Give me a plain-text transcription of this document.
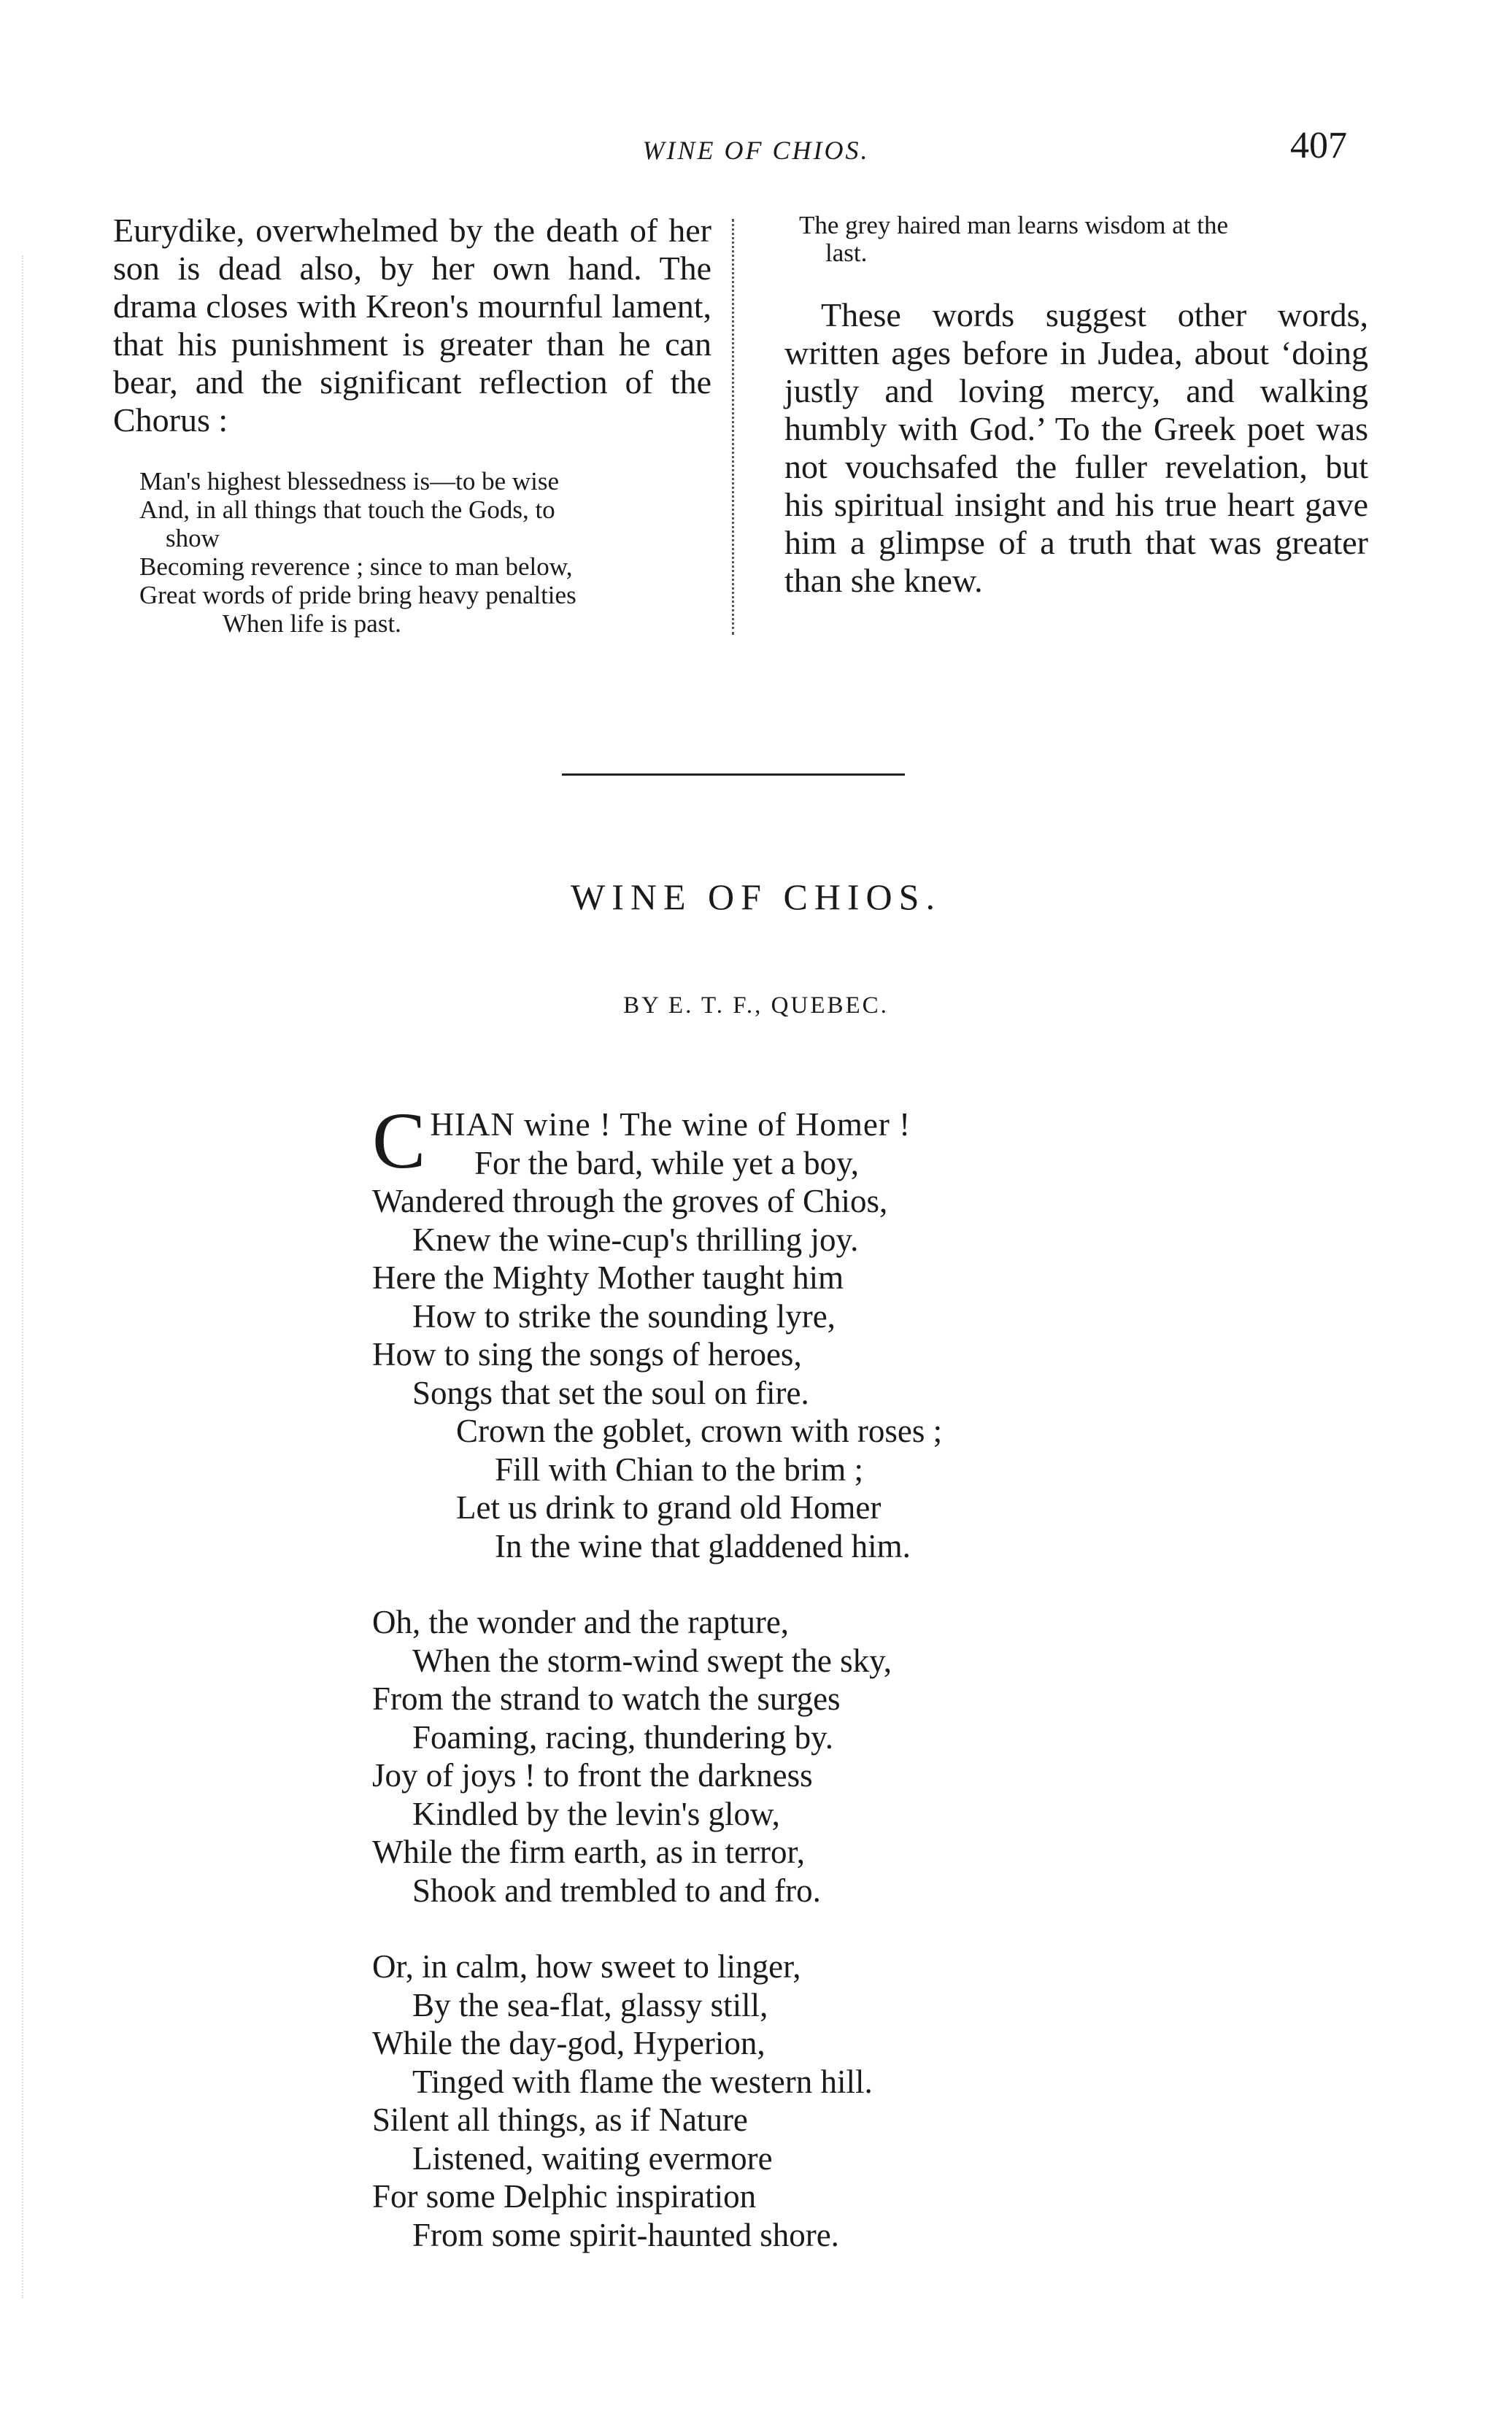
WINE OF CHIOS.	407

Eurydike, overwhelmed by the death of her son is dead also, by her own hand. The drama closes with Kreon's mournful lament, that his punishment is greater than he can bear, and the significant reflection of the Chorus :

Man's highest blessedness is—to be wise
And, in all things that touch the Gods, to
show
Becoming reverence ; since to man below,
Great words of pride bring heavy penalties
When life is past.
The grey haired man learns wisdom at the
last.

These words suggest other words, written ages before in Judea, about ‘doing justly and loving mercy, and walking humbly with God.’ To the Greek poet was not vouchsafed the fuller revelation, but his spiritual insight and his true heart gave him a glimpse of a truth that was greater than she knew.

WINE OF CHIOS.
BY E. T. F., QUEBEC.
CHIAN wine ! The wine of Homer !
For the bard, while yet a boy,
Wandered through the groves of Chios,
Knew the wine-cup's thrilling joy.
Here the Mighty Mother taught him
How to strike the sounding lyre,
How to sing the songs of heroes,
Songs that set the soul on fire.
Crown the goblet, crown with roses ;
Fill with Chian to the brim ;
Let us drink to grand old Homer
In the wine that gladdened him.
Oh, the wonder and the rapture,
When the storm-wind swept the sky,
From the strand to watch the surges
Foaming, racing, thundering by.
Joy of joys ! to front the darkness
Kindled by the levin's glow,
While the firm earth, as in terror,
Shook and trembled to and fro.
Or, in calm, how sweet to linger,
By the sea-flat, glassy still,
While the day-god, Hyperion,
Tinged with flame the western hill.
Silent all things, as if Nature
Listened, waiting evermore
For some Delphic inspiration
From some spirit-haunted shore.
